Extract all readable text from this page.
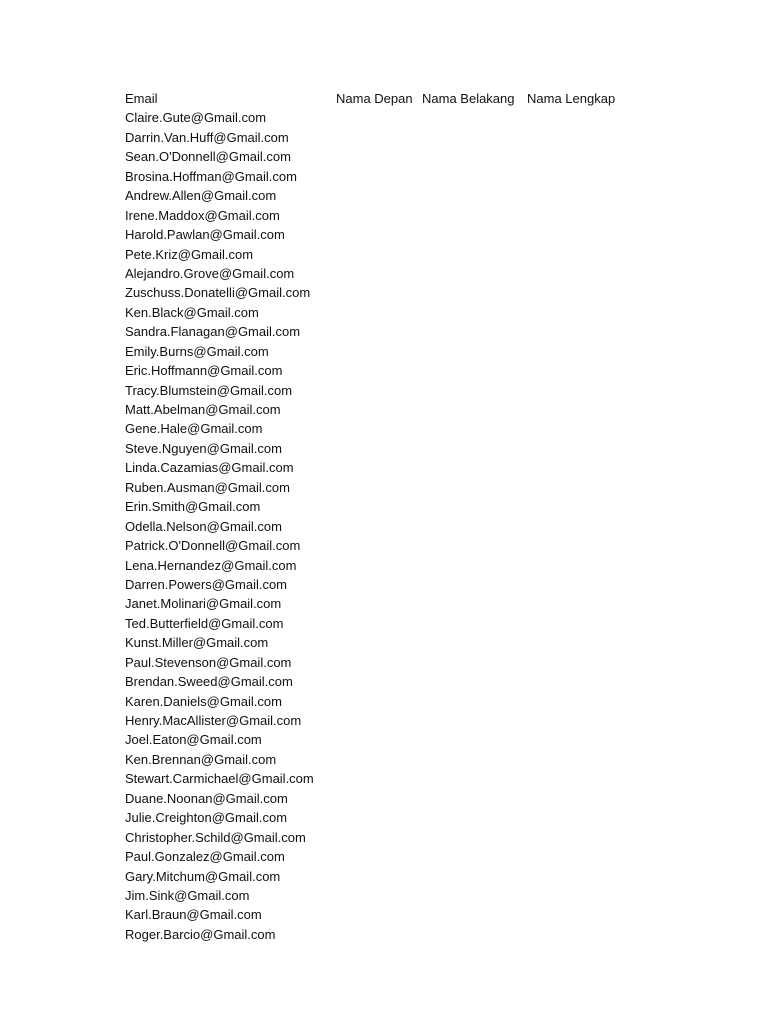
Email	Nama Depan Nama Belakang Nama Lengkap
Claire.Gute@Gmail.com
Darrin.Van.Huff@Gmail.com
Sean.O'Donnell@Gmail.com
Brosina.Hoffman@Gmail.com
Andrew.Allen@Gmail.com
Irene.Maddox@Gmail.com
Harold.Pawlan@Gmail.com
Pete.Kriz@Gmail.com
Alejandro.Grove@Gmail.com
Zuschuss.Donatelli@Gmail.com
Ken.Black@Gmail.com
Sandra.Flanagan@Gmail.com
Emily.Burns@Gmail.com
Eric.Hoffmann@Gmail.com
Tracy.Blumstein@Gmail.com
Matt.Abelman@Gmail.com
Gene.Hale@Gmail.com
Steve.Nguyen@Gmail.com
Linda.Cazamias@Gmail.com
Ruben.Ausman@Gmail.com
Erin.Smith@Gmail.com
Odella.Nelson@Gmail.com
Patrick.O'Donnell@Gmail.com
Lena.Hernandez@Gmail.com
Darren.Powers@Gmail.com
Janet.Molinari@Gmail.com
Ted.Butterfield@Gmail.com
Kunst.Miller@Gmail.com
Paul.Stevenson@Gmail.com
Brendan.Sweed@Gmail.com
Karen.Daniels@Gmail.com
Henry.MacAllister@Gmail.com
Joel.Eaton@Gmail.com
Ken.Brennan@Gmail.com
Stewart.Carmichael@Gmail.com
Duane.Noonan@Gmail.com
Julie.Creighton@Gmail.com
Christopher.Schild@Gmail.com
Paul.Gonzalez@Gmail.com
Gary.Mitchum@Gmail.com
Jim.Sink@Gmail.com
Karl.Braun@Gmail.com
Roger.Barcio@Gmail.com
